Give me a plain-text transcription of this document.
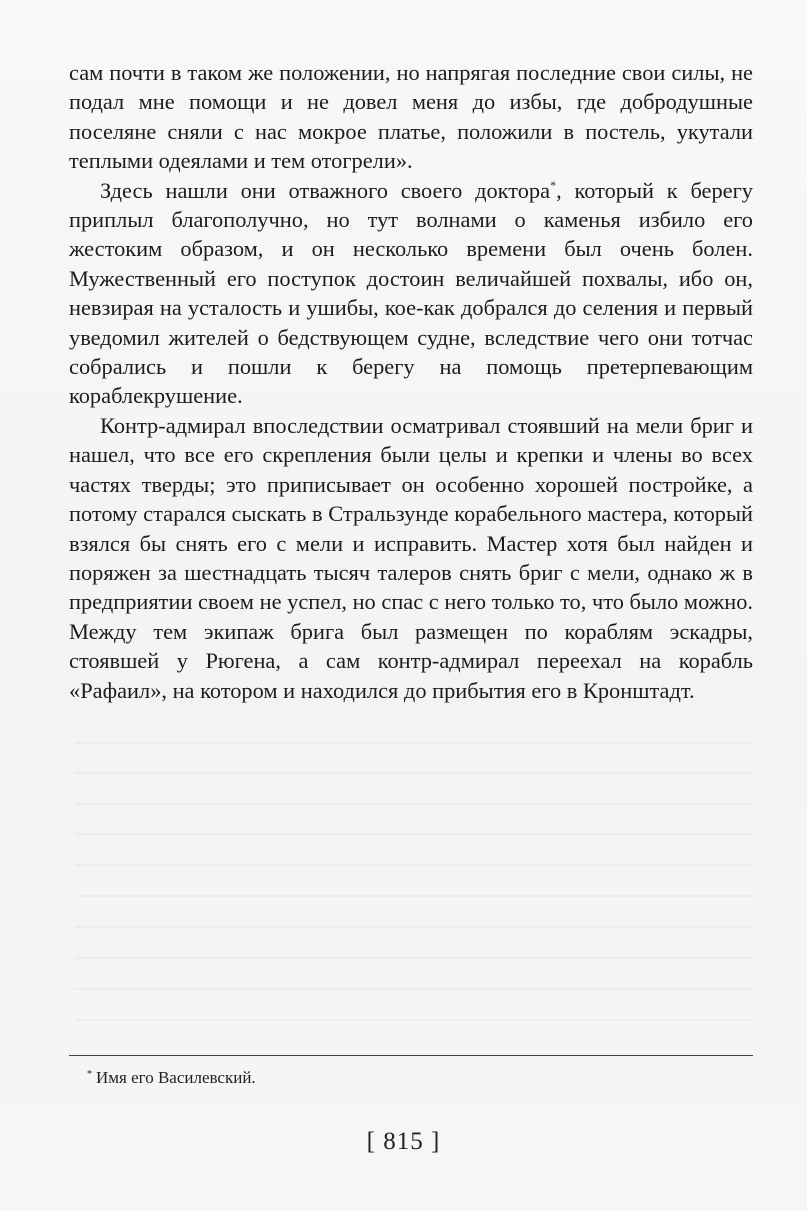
сам почти в таком же положении, но напрягая последние свои силы, не подал мне помощи и не довел меня до избы, где добродушные поселяне сняли с нас мокрое платье, положили в постель, укутали теплыми одеялами и тем отогрели».

Здесь нашли они отважного своего доктора*, который к берегу приплыл благополучно, но тут волнами о каменья избило его жестоким образом, и он несколько времени был очень болен. Мужественный его поступок достоин величайшей похвалы, ибо он, невзирая на усталость и ушибы, кое-как добрался до селения и первый уведомил жителей о бедствующем судне, вследствие чего они тотчас собрались и пошли к берегу на помощь претерпевающим кораблекрушение.

Контр-адмирал впоследствии осматривал стоявший на мели бриг и нашел, что все его скрепления были целы и крепки и члены во всех частях тверды; это приписывает он особенно хорошей постройке, а потому старался сыскать в Стральзунде корабельного мастера, который взялся бы снять его с мели и исправить. Мастер хотя был найден и поряжен за шестнадцать тысяч талеров снять бриг с мели, однако ж в предприятии своем не успел, но спас с него только то, что было можно. Между тем экипаж брига был размещен по кораблям эскадры, стоявшей у Рюгена, а сам контр-адмирал переехал на корабль «Рафаил», на котором и находился до прибытия его в Кронштадт.

* Имя его Василевский.
[ 815 ]
